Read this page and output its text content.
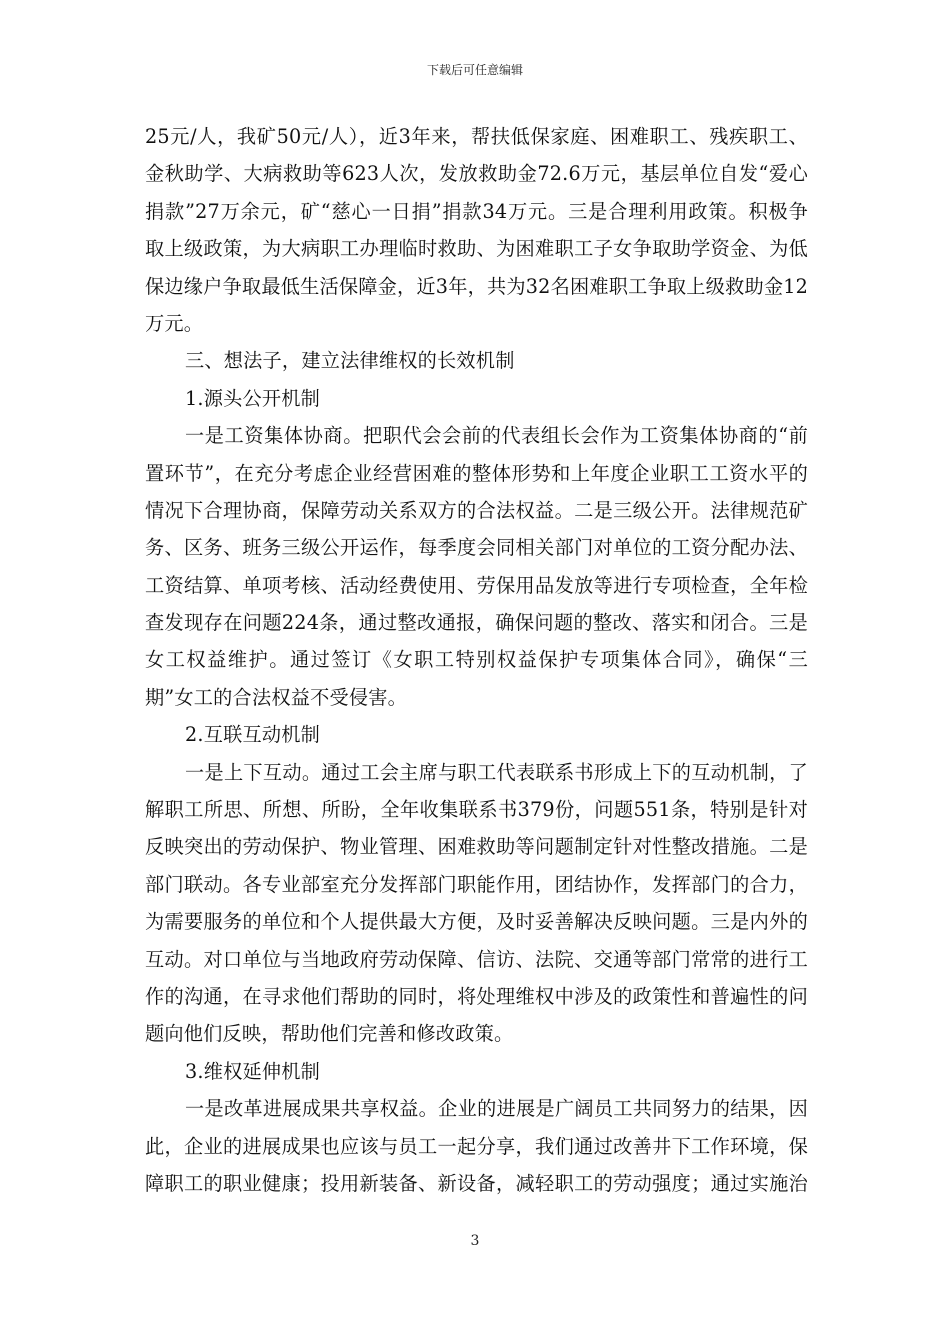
下载后可任意编辑
25元/人，我矿50元/人），近3年来，帮扶低保家庭、困难职工、残疾职工、
金秋助学、大病救助等623人次，发放救助金72.6万元，基层单位自发“爱心
捐款”27万余元，矿“慈心一日捐”捐款34万元。三是合理利用政策。积极争
取上级政策，为大病职工办理临时救助、为困难职工子女争取助学资金、为低
保边缘户争取最低生活保障金，近3年，共为32名困难职工争取上级救助金12
万元。
三、想法子，建立法律维权的长效机制
1.源头公开机制
一是工资集体协商。把职代会会前的代表组长会作为工资集体协商的“前
置环节”，在充分考虑企业经营困难的整体形势和上年度企业职工工资水平的
情况下合理协商，保障劳动关系双方的合法权益。二是三级公开。法律规范矿
务、区务、班务三级公开运作，每季度会同相关部门对单位的工资分配办法、
工资结算、单项考核、活动经费使用、劳保用品发放等进行专项检查，全年检
查发现存在问题224条，通过整改通报，确保问题的整改、落实和闭合。三是
女工权益维护。通过签订《女职工特别权益保护专项集体合同》，确保“三
期”女工的合法权益不受侵害。
2.互联互动机制
一是上下互动。通过工会主席与职工代表联系书形成上下的互动机制，了
解职工所思、所想、所盼，全年收集联系书379份，问题551条，特别是针对
反映突出的劳动保护、物业管理、困难救助等问题制定针对性整改措施。二是
部门联动。各专业部室充分发挥部门职能作用，团结协作，发挥部门的合力，
为需要服务的单位和个人提供最大方便，及时妥善解决反映问题。三是内外的
互动。对口单位与当地政府劳动保障、信访、法院、交通等部门常常的进行工
作的沟通，在寻求他们帮助的同时，将处理维权中涉及的政策性和普遍性的问
题向他们反映，帮助他们完善和修改政策。
3.维权延伸机制
一是改革进展成果共享权益。企业的进展是广阔员工共同努力的结果，因
此，企业的进展成果也应该与员工一起分享，我们通过改善井下工作环境，保
障职工的职业健康；投用新装备、新设备，减轻职工的劳动强度；通过实施治
3
